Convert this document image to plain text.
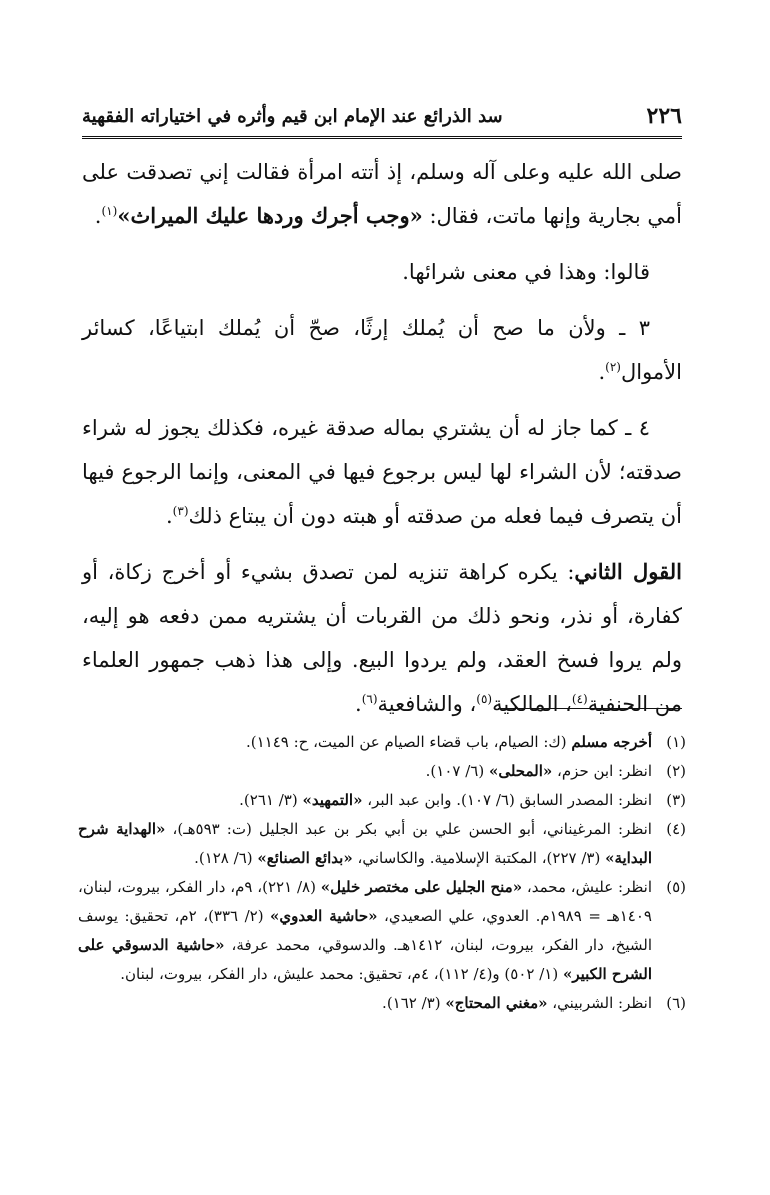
٢٢٦
سد الذرائع عند الإمام ابن قيم وأثره في اختياراته الفقهية

صلى الله عليه وعلى آله وسلم، إذ أتته امرأة فقالت إني تصدقت على أمي بجارية وإنها ماتت، فقال: «وجب أجرك وردها عليك الميراث»$^{(١)}$.

قالوا: وهذا في معنى شرائها.

٣ ـ ولأن ما صح أن يُملك إرثًا، صحّ أن يُملك ابتياعًا، كسائر الأموال$^{(٢)}$.

٤ ـ كما جاز له أن يشتري بماله صدقة غيره، فكذلك يجوز له شراء صدقته؛ لأن الشراء لها ليس برجوع فيها في المعنى، وإنما الرجوع فيها أن يتصرف فيما فعله من صدقته أو هبته دون أن يبتاع ذلك$^{(٣)}$.

القول الثاني: يكره كراهة تنزيه لمن تصدق بشيء أو أخرج زكاة، أو كفارة، أو نذر، ونحو ذلك من القربات أن يشتريه ممن دفعه هو إليه، ولم يروا فسخ العقد، ولم يردوا البيع. وإلى هذا ذهب جمهور العلماء من الحنفية$^{(٤)}$، المالكية$^{(٥)}$، والشافعية$^{(٦)}$.

(١)
أخرجه مسلم (ك: الصيام، باب قضاء الصيام عن الميت، ح: ١١٤٩).
(٢)
انظر: ابن حزم، «المحلى» (٦/ ١٠٧).
(٣)
انظر: المصدر السابق (٦/ ١٠٧). وابن عبد البر، «التمهيد» (٣/ ٢٦١).
(٤)
انظر: المرغيناني، أبو الحسن علي بن أبي بكر بن عبد الجليل (ت: ٥٩٣هـ)، «الهداية شرح البداية» (٣/ ٢٢٧)، المكتبة الإسلامية. والكاساني، «بدائع الصنائع» (٦/ ١٢٨).
(٥)
انظر: عليش، محمد، «منح الجليل على مختصر خليل» (٨/ ٢٢١)، ٩م، دار الفكر، بيروت، لبنان، ١٤٠٩هـ = ١٩٨٩م. العدوي، علي الصعيدي، «حاشية العدوي» (٢/ ٣٣٦)، ٢م، تحقيق: يوسف الشيخ، دار الفكر، بيروت، لبنان، ١٤١٢هـ. والدسوقي، محمد عرفة، «حاشية الدسوقي على الشرح الكبير» (١/ ٥٠٢) و(٤/ ١١٢)، ٤م، تحقيق: محمد عليش، دار الفكر، بيروت، لبنان.
(٦)
انظر: الشربيني، «مغني المحتاج» (٣/ ١٦٢).
